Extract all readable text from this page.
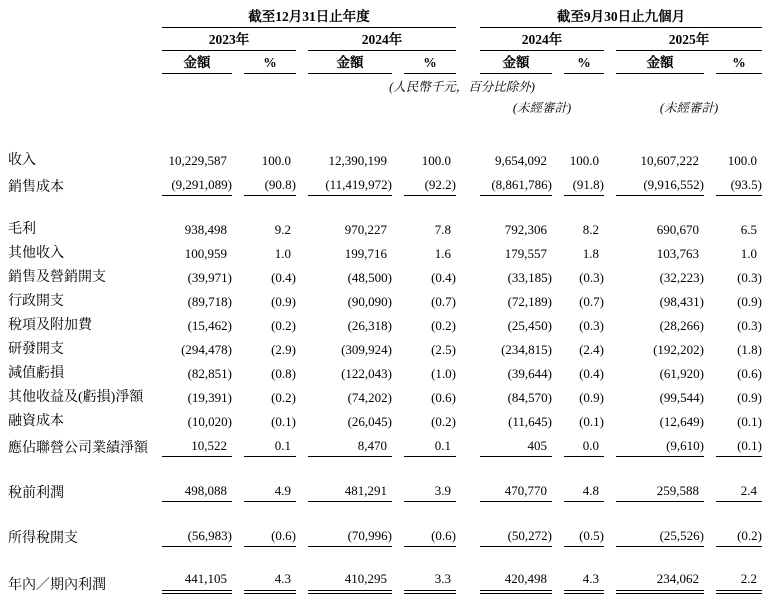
	截至12月31日止年度					截至9月30日止九個月			

	2023年		2024年			2024年		2025年	

	金額	%	金額	%		金額	%	金額	%

	(人民幣千元，百分比除外)								

						(未經審計)		(未經審計)	

收入	10,229,587	100.0	12,390,199	100.0		9,654,092	100.0	10,607,222	100.0

銷售成本	(9,291,089)	(90.8)	(11,419,972)	(92.2)		(8,861,786)	(91.8)	(9,916,552)	(93.5)

毛利	938,498	9.2	970,227	7.8		792,306	8.2	690,670	6.5

其他收入	100,959	1.0	199,716	1.6		179,557	1.8	103,763	1.0

銷售及營銷開支	(39,971)	(0.4)	(48,500)	(0.4)		(33,185)	(0.3)	(32,223)	(0.3)

行政開支	(89,718)	(0.9)	(90,090)	(0.7)		(72,189)	(0.7)	(98,431)	(0.9)

稅項及附加費	(15,462)	(0.2)	(26,318)	(0.2)		(25,450)	(0.3)	(28,266)	(0.3)

研發開支	(294,478)	(2.9)	(309,924)	(2.5)		(234,815)	(2.4)	(192,202)	(1.8)

減值虧損	(82,851)	(0.8)	(122,043)	(1.0)		(39,644)	(0.4)	(61,920)	(0.6)

其他收益及(虧損)淨額	(19,391)	(0.2)	(74,202)	(0.6)		(84,570)	(0.9)	(99,544)	(0.9)

融資成本	(10,020)	(0.1)	(26,045)	(0.2)		(11,645)	(0.1)	(12,649)	(0.1)

應佔聯營公司業績淨額	10,522	0.1	8,470	0.1		405	0.0	(9,610)	(0.1)

稅前利潤	498,088	4.9	481,291	3.9		470,770	4.8	259,588	2.4

所得稅開支	(56,983)	(0.6)	(70,996)	(0.6)		(50,272)	(0.5)	(25,526)	(0.2)

年內／期內利潤	441,105	4.3	410,295	3.3		420,498	4.3	234,062	2.2
